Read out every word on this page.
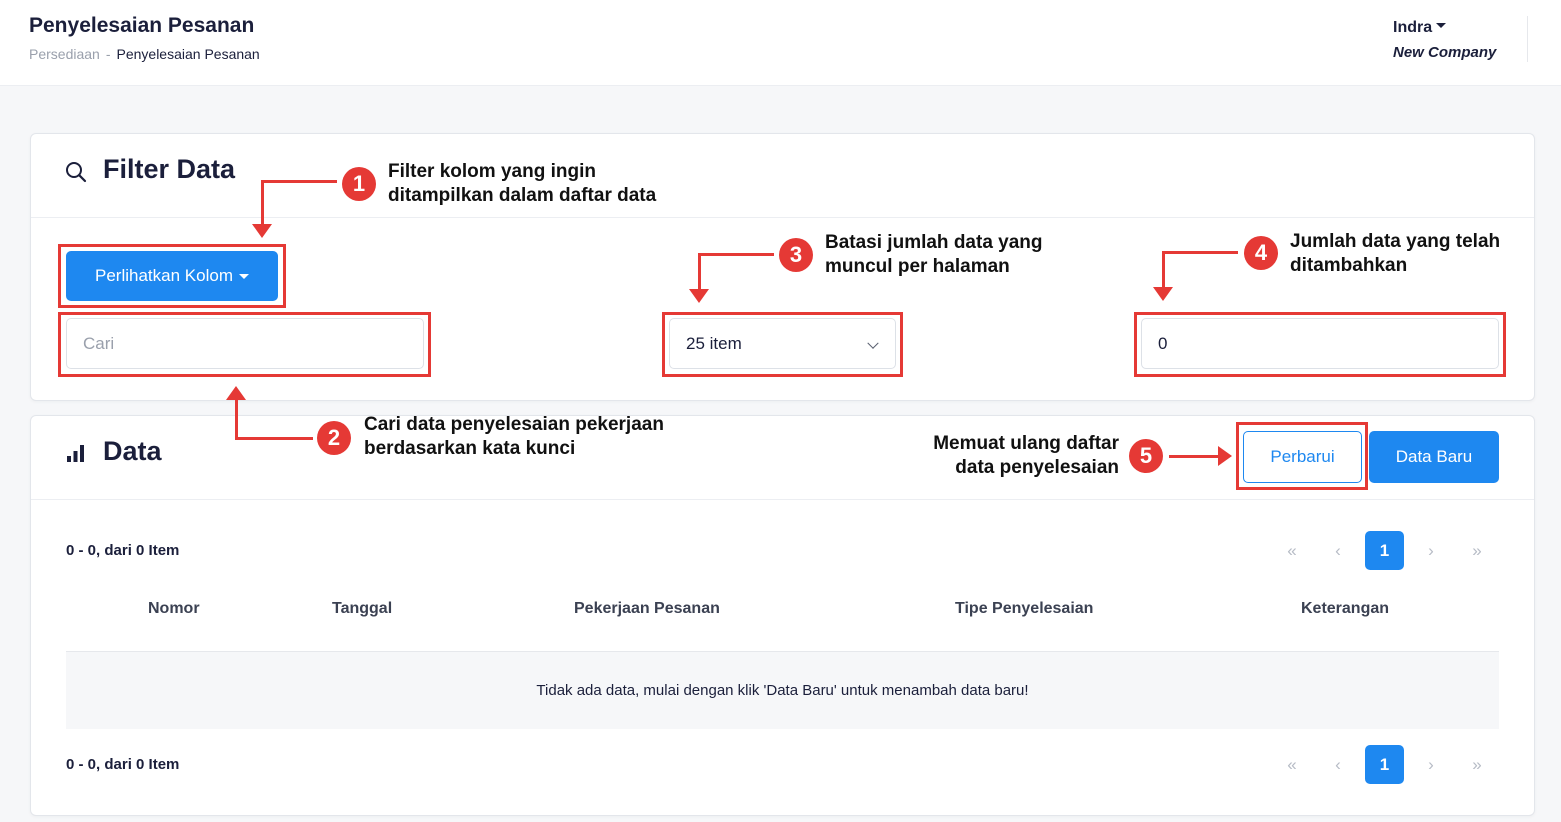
Penyelesaian Pesanan
Persediaan - Penyelesaian Pesanan
Indra
New Company
Filter Data
Perlihatkan Kolom
Cari	25 item	0
Data	Perbarui	Data Baru
0 - 0, dari 0 Item	«	‹	1	›	»
Nomor	Tanggal	Pekerjaan Pesanan	Tipe Penyelesaian	Keterangan
Tidak ada data, mulai dengan klik 'Data Baru' untuk menambah data baru!
0 - 0, dari 0 Item	«	‹	1	›	»
1	Filter kolom yang ingin
ditampilkan dalam daftar data
2
Cari data penyelesaian pekerjaan
berdasarkan kata kunci
3	Batasi jumlah data yang
muncul per halaman
4	Jumlah data yang telah
ditambahkan
Memuat ulang daftar
data penyelesaian 5
